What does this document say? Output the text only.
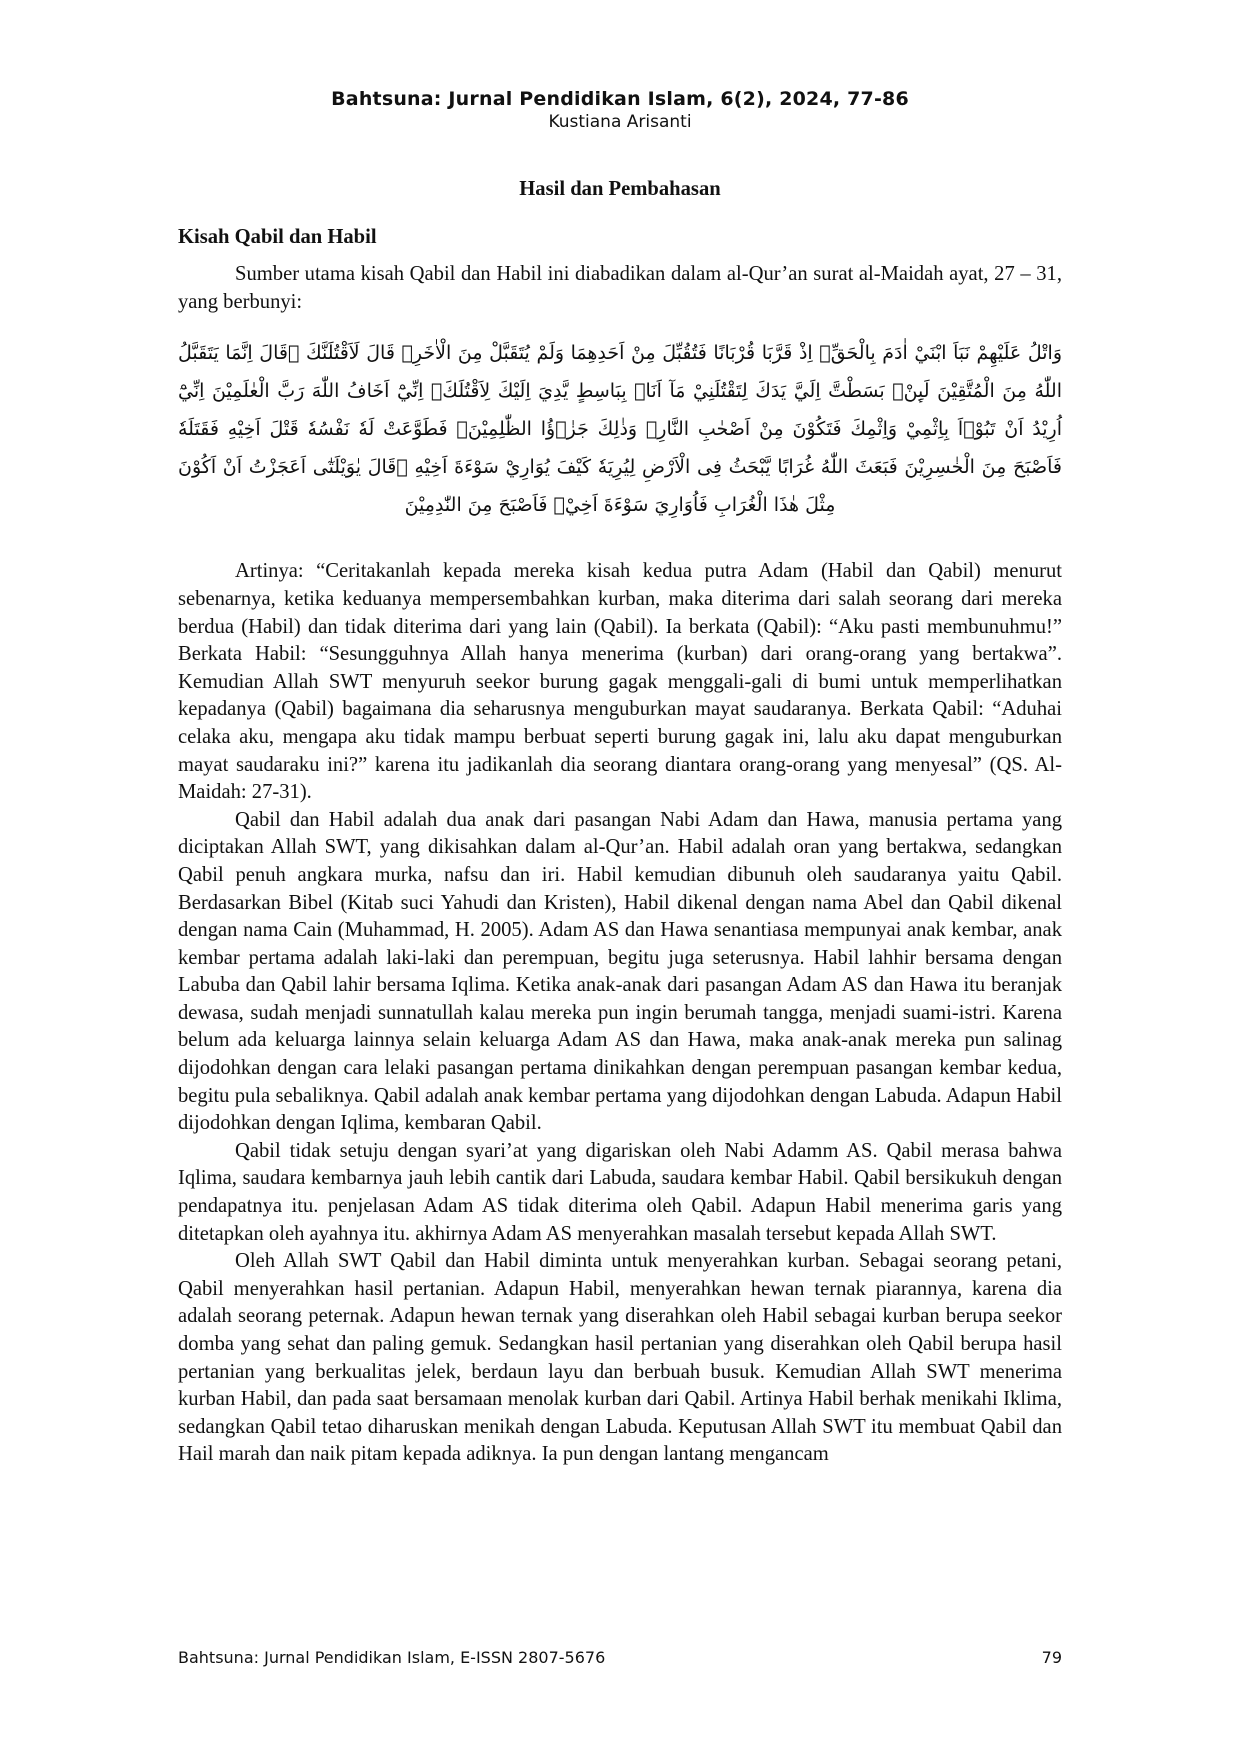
Bahtsuna: Jurnal Pendidikan Islam, 6(2), 2024, 77-86
Kustiana Arisanti
Hasil dan Pembahasan
Kisah Qabil dan Habil

Sumber utama kisah Qabil dan Habil ini diabadikan dalam al-Qur’an surat al-Maidah ayat, 27 – 31, yang berbunyi:

وَاتْلُ عَلَيْهِمْ نَبَاَ ابْنَيْ اٰدَمَ بِالْحَقِّۘ اِذْ قَرَّبَا قُرْبَانًا فَتُقُبِّلَ مِنْ اَحَدِهِمَا وَلَمْ يُتَقَبَّلْ مِنَ الْاٰخَرِۗ قَالَ لَاَقْتُلَنَّكَ ۗقَالَ اِنَّمَا يَتَقَبَّلُ اللّٰهُ مِنَ الْمُتَّقِيْنَ لَىِٕنْۢ بَسَطْتَّ اِلَيَّ يَدَكَ لِتَقْتُلَنِيْ مَآ اَنَا۠ بِبَاسِطٍ يَّدِيَ اِلَيْكَ لِاَقْتُلَكَۚ اِنِّيْٓ اَخَافُ اللّٰهَ رَبَّ الْعٰلَمِيْنَ اِنِّيْٓ اُرِيْدُ اَنْ تَبُوْۤاَ بِاِثْمِيْ وَاِثْمِكَ فَتَكُوْنَ مِنْ اَصْحٰبِ النَّارِۚ وَذٰلِكَ جَزٰۤؤُا الظّٰلِمِيْنَۚ فَطَوَّعَتْ لَهٗ نَفْسُهٗ قَتْلَ اَخِيْهِ فَقَتَلَهٗ فَاَصْبَحَ مِنَ الْخٰسِرِيْنَ فَبَعَثَ اللّٰهُ غُرَابًا يَّبْحَثُ فِى الْاَرْضِ لِيُرِيَهٗ كَيْفَ يُوَارِيْ سَوْءَةَ اَخِيْهِ ۗقَالَ يٰوَيْلَتٰٓى اَعَجَزْتُ اَنْ اَكُوْنَ مِثْلَ هٰذَا الْغُرَابِ فَاُوَارِيَ سَوْءَةَ اَخِيْۚ فَاَصْبَحَ مِنَ النّٰدِمِيْنَ

Artinya: “Ceritakanlah kepada mereka kisah kedua putra Adam (Habil dan Qabil) menurut sebenarnya, ketika keduanya mempersembahkan kurban, maka diterima dari salah seorang dari mereka berdua (Habil) dan tidak diterima dari yang lain (Qabil). Ia berkata (Qabil): “Aku pasti membunuhmu!” Berkata Habil: “Sesungguhnya Allah hanya menerima (kurban) dari orang-orang yang bertakwa”. Kemudian Allah SWT menyuruh seekor burung gagak menggali-gali di bumi untuk memperlihatkan kepadanya (Qabil) bagaimana dia seharusnya menguburkan mayat saudaranya. Berkata Qabil: “Aduhai celaka aku, mengapa aku tidak mampu berbuat seperti burung gagak ini, lalu aku dapat menguburkan mayat saudaraku ini?” karena itu jadikanlah dia seorang diantara orang-orang yang menyesal” (QS. Al-Maidah: 27-31).

Qabil dan Habil adalah dua anak dari pasangan Nabi Adam dan Hawa, manusia pertama yang diciptakan Allah SWT, yang dikisahkan dalam al-Qur’an. Habil adalah oran yang bertakwa, sedangkan Qabil penuh angkara murka, nafsu dan iri. Habil kemudian dibunuh oleh saudaranya yaitu Qabil. Berdasarkan Bibel (Kitab suci Yahudi dan Kristen), Habil dikenal dengan nama Abel dan Qabil dikenal dengan nama Cain (Muhammad, H. 2005). Adam AS dan Hawa senantiasa mempunyai anak kembar, anak kembar pertama adalah laki-laki dan perempuan, begitu juga seterusnya. Habil lahhir bersama dengan Labuba dan Qabil lahir bersama Iqlima. Ketika anak-anak dari pasangan Adam AS dan Hawa itu beranjak dewasa, sudah menjadi sunnatullah kalau mereka pun ingin berumah tangga, menjadi suami-istri. Karena belum ada keluarga lainnya selain keluarga Adam AS dan Hawa, maka anak-anak mereka pun salinag dijodohkan dengan cara lelaki pasangan pertama dinikahkan dengan perempuan pasangan kembar kedua, begitu pula sebaliknya. Qabil adalah anak kembar pertama yang dijodohkan dengan Labuda. Adapun Habil dijodohkan dengan Iqlima, kembaran Qabil.

Qabil tidak setuju dengan syari’at yang digariskan oleh Nabi Adamm AS. Qabil merasa bahwa Iqlima, saudara kembarnya jauh lebih cantik dari Labuda, saudara kembar Habil. Qabil bersikukuh dengan pendapatnya itu. penjelasan Adam AS tidak diterima oleh Qabil. Adapun Habil menerima garis yang ditetapkan oleh ayahnya itu. akhirnya Adam AS menyerahkan masalah tersebut kepada Allah SWT.

Oleh Allah SWT Qabil dan Habil diminta untuk menyerahkan kurban. Sebagai seorang petani, Qabil menyerahkan hasil pertanian. Adapun Habil, menyerahkan hewan ternak piarannya, karena dia adalah seorang peternak. Adapun hewan ternak yang diserahkan oleh Habil sebagai kurban berupa seekor domba yang sehat dan paling gemuk. Sedangkan hasil pertanian yang diserahkan oleh Qabil berupa hasil pertanian yang berkualitas jelek, berdaun layu dan berbuah busuk. Kemudian Allah SWT menerima kurban Habil, dan pada saat bersamaan menolak kurban dari Qabil. Artinya Habil berhak menikahi Iklima, sedangkan Qabil tetao diharuskan menikah dengan Labuda. Keputusan Allah SWT itu membuat Qabil dan Hail marah dan naik pitam kepada adiknya. Ia pun dengan lantang mengancam

Bahtsuna: Jurnal Pendidikan Islam, E-ISSN 2807-5676	79
